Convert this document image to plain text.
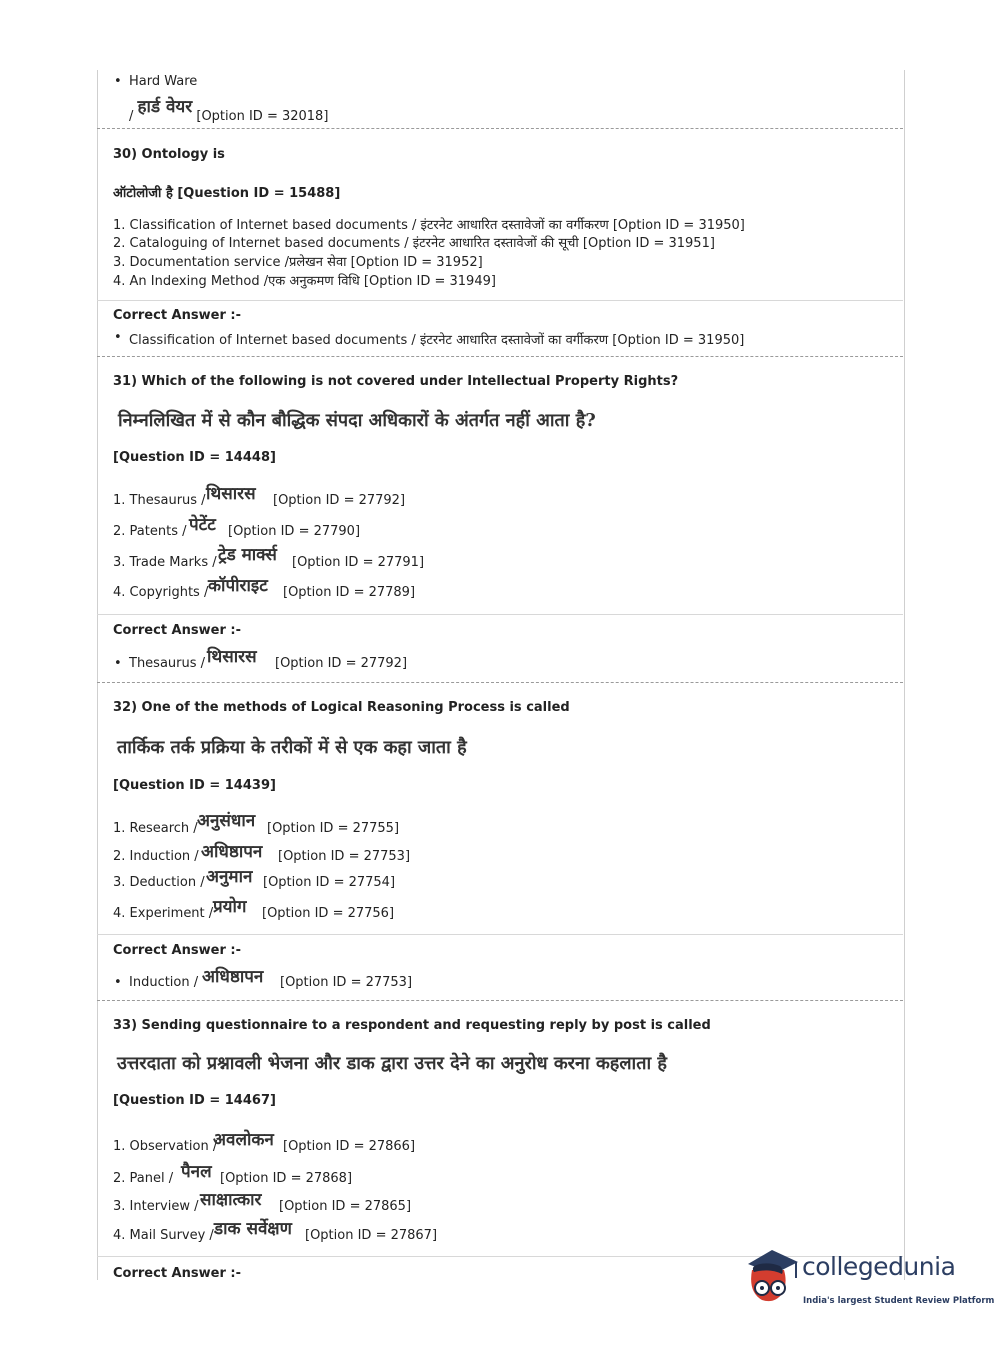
• Hard Ware
/ हार्ड वेयर [Option ID = 32018]
30) Ontology is
ऑटोलोजी है [Question ID = 15488]
1. Classification of Internet based documents / इंटरनेट आधारित दस्तावेजों का वर्गीकरण [Option ID = 31950]
2. Cataloguing of Internet based documents / इंटरनेट आधारित दस्तावेजों की सूची [Option ID = 31951]
3. Documentation service /प्रलेखन सेवा [Option ID = 31952]
4. An Indexing Method /एक अनुकमण विधि [Option ID = 31949]
Correct Answer :-
• Classification of Internet based documents / इंटरनेट आधारित दस्तावेजों का वर्गीकरण [Option ID = 31950]
31) Which of the following is not covered under Intellectual Property Rights?
निम्नलिखित में से कौन बौद्धिक संपदा अधिकारों के अंतर्गत नहीं आता है?
[Question ID = 14448]
1. Thesaurus / थिसारस [Option ID = 27792]
2. Patents / पेटेंट [Option ID = 27790]
3. Trade Marks / ट्रेड मार्क्स [Option ID = 27791]
4. Copyrights / कॉपीराइट [Option ID = 27789]
Correct Answer :-
• Thesaurus / थिसारस [Option ID = 27792]
32) One of the methods of Logical Reasoning Process is called
तार्किक तर्क प्रक्रिया के तरीकों में से एक कहा जाता है
[Question ID = 14439]
1. Research / अनुसंधान [Option ID = 27755]
2. Induction / अधिष्ठापन [Option ID = 27753]
3. Deduction / अनुमान [Option ID = 27754]
4. Experiment / प्रयोग [Option ID = 27756]
Correct Answer :-
• Induction / अधिष्ठापन [Option ID = 27753]
33) Sending questionnaire to a respondent and requesting reply by post is called
उत्तरदाता को प्रश्नावली भेजना और डाक द्वारा उत्तर देने का अनुरोध करना कहलाता है
[Question ID = 14467]
1. Observation /
अवलोकन [Option ID = 27866]
2. Panel / पैनल [Option ID = 27868]
3. Interview / साक्षात्कार [Option ID = 27865]
4. Mail Survey / डाक सर्वेक्षण [Option ID = 27867]
Correct Answer :-	collegedunia
India's largest Student Review Platform
